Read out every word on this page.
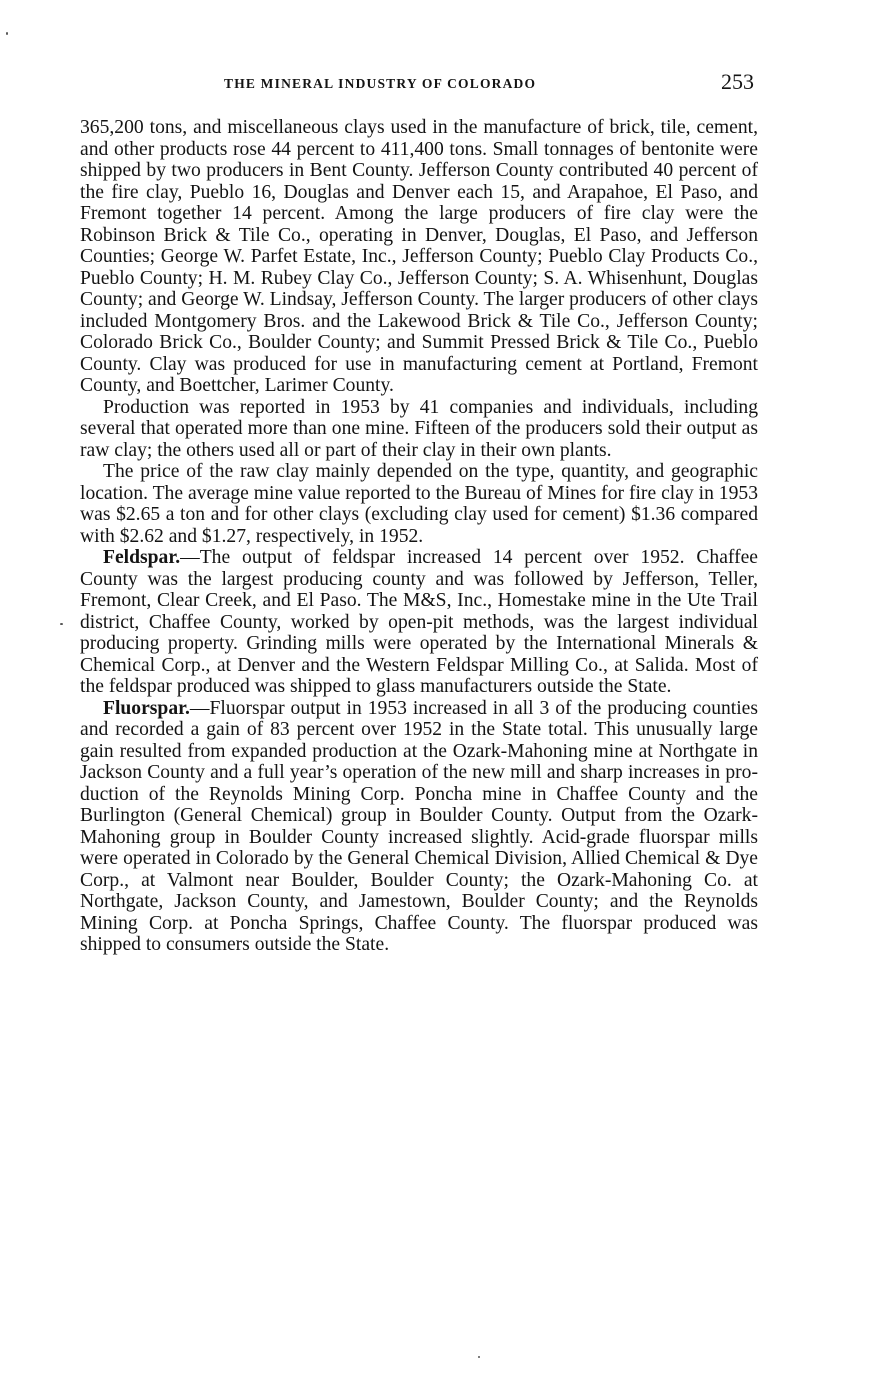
THE MINERAL INDUSTRY OF COLORADO	253

365,200 tons, and miscellaneous clays used in the manufacture of brick, tile, cement, and other products rose 44 percent to 411,400 tons. Small tonnages of bentonite were shipped by two producers in Bent County. Jefferson County contributed 40 percent of the fire clay, Pueblo 16, Douglas and Denver each 15, and Arapahoe, El Paso, and Fremont together 14 percent. Among the large producers of fire clay were the Robinson Brick & Tile Co., operating in Denver, Douglas, El Paso, and Jefferson Counties; George W. Parfet Estate, Inc., Jefferson County; Pueblo Clay Products Co., Pueblo County; H. M. Rubey Clay Co., Jefferson County; S. A. Whisenhunt, Douglas County; and George W. Lindsay, Jefferson County. The larger producers of other clays included Montgomery Bros. and the Lakewood Brick & Tile Co., Jefferson County; Colorado Brick Co., Boulder County; and Summit Pressed Brick & Tile Co., Pueblo County. Clay was produced for use in manufacturing cement at Portland, Fremont County, and Boettcher, Larimer County.

Production was reported in 1953 by 41 companies and individuals, including several that operated more than one mine. Fifteen of the producers sold their output as raw clay; the others used all or part of their clay in their own plants.

The price of the raw clay mainly depended on the type, quantity, and geographic location. The average mine value reported to the Bureau of Mines for fire clay in 1953 was $2.65 a ton and for other clays (excluding clay used for cement) $1.36 compared with $2.62 and $1.27, respectively, in 1952.

Feldspar.—The output of feldspar increased 14 percent over 1952. Chaffee County was the largest producing county and was followed by Jefferson, Teller, Fremont, Clear Creek, and El Paso. The M&S, Inc., Homestake mine in the Ute Trail district, Chaffee County, worked by open-pit methods, was the largest individual producing property. Grinding mills were operated by the International Minerals & Chemical Corp., at Denver and the Western Feldspar Milling Co., at Salida. Most of the feldspar produced was shipped to glass manufacturers outside the State.

Fluorspar.—Fluorspar output in 1953 increased in all 3 of the producing counties and recorded a gain of 83 percent over 1952 in the State total. This unusually large gain resulted from expanded production at the Ozark-Mahoning mine at Northgate in Jackson County and a full year’s operation of the new mill and sharp increases in production of the Reynolds Mining Corp. Poncha mine in Chaffee County and the Burlington (General Chemical) group in Boulder County. Output from the Ozark-Mahoning group in Boulder County increased slightly. Acid-grade fluorspar mills were operated in Colorado by the General Chemical Division, Allied Chemical & Dye Corp., at Valmont near Boulder, Boulder County; the Ozark-Mahoning Co. at Northgate, Jackson County, and Jamestown, Boulder County; and the Reynolds Mining Corp. at Poncha Springs, Chaffee County. The fluorspar produced was shipped to consumers outside the State.
